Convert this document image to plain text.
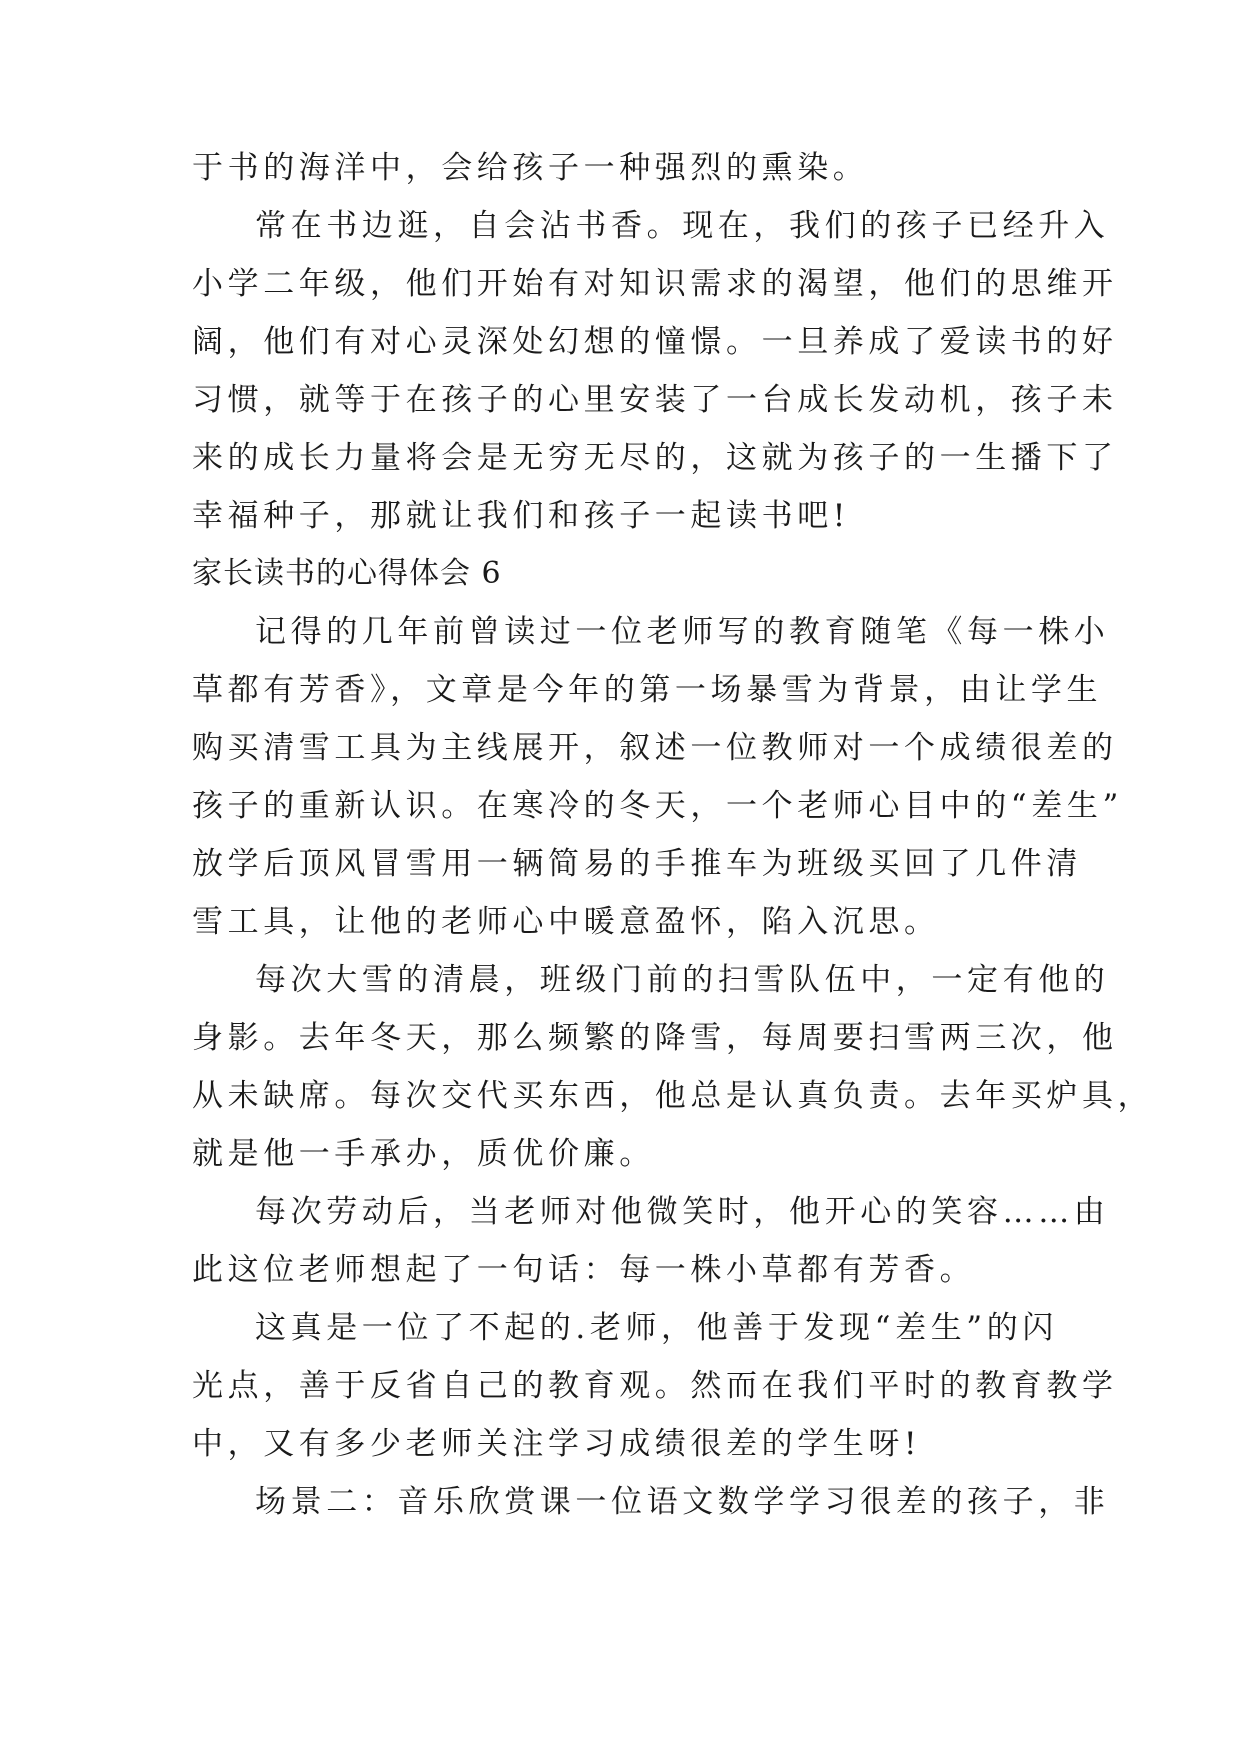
于书的海洋中，会给孩子一种强烈的熏染。
常在书边逛，自会沾书香。现在，我们的孩子已经升入
小学二年级，他们开始有对知识需求的渴望，他们的思维开
阔，他们有对心灵深处幻想的憧憬。一旦养成了爱读书的好
习惯，就等于在孩子的心里安装了一台成长发动机，孩子未
来的成长力量将会是无穷无尽的，这就为孩子的一生播下了
幸福种子，那就让我们和孩子一起读书吧!
家长读书的心得体会 6
记得的几年前曾读过一位老师写的教育随笔《每一株小
草都有芳香》，文章是今年的第一场暴雪为背景，由让学生
购买清雪工具为主线展开，叙述一位教师对一个成绩很差的
孩子的重新认识。在寒冷的冬天，一个老师心目中的“差生”
放学后顶风冒雪用一辆简易的手推车为班级买回了几件清
雪工具，让他的老师心中暖意盈怀，陷入沉思。
每次大雪的清晨，班级门前的扫雪队伍中，一定有他的
身影。去年冬天，那么频繁的降雪，每周要扫雪两三次，他
从未缺席。每次交代买东西，他总是认真负责。去年买炉具，
就是他一手承办，质优价廉。
每次劳动后，当老师对他微笑时，他开心的笑容……由
此这位老师想起了一句话：每一株小草都有芳香。
这真是一位了不起的.老师，他善于发现“差生”的闪
光点，善于反省自己的教育观。然而在我们平时的教育教学
中，又有多少老师关注学习成绩很差的学生呀!
场景二：音乐欣赏课一位语文数学学习很差的孩子，非
